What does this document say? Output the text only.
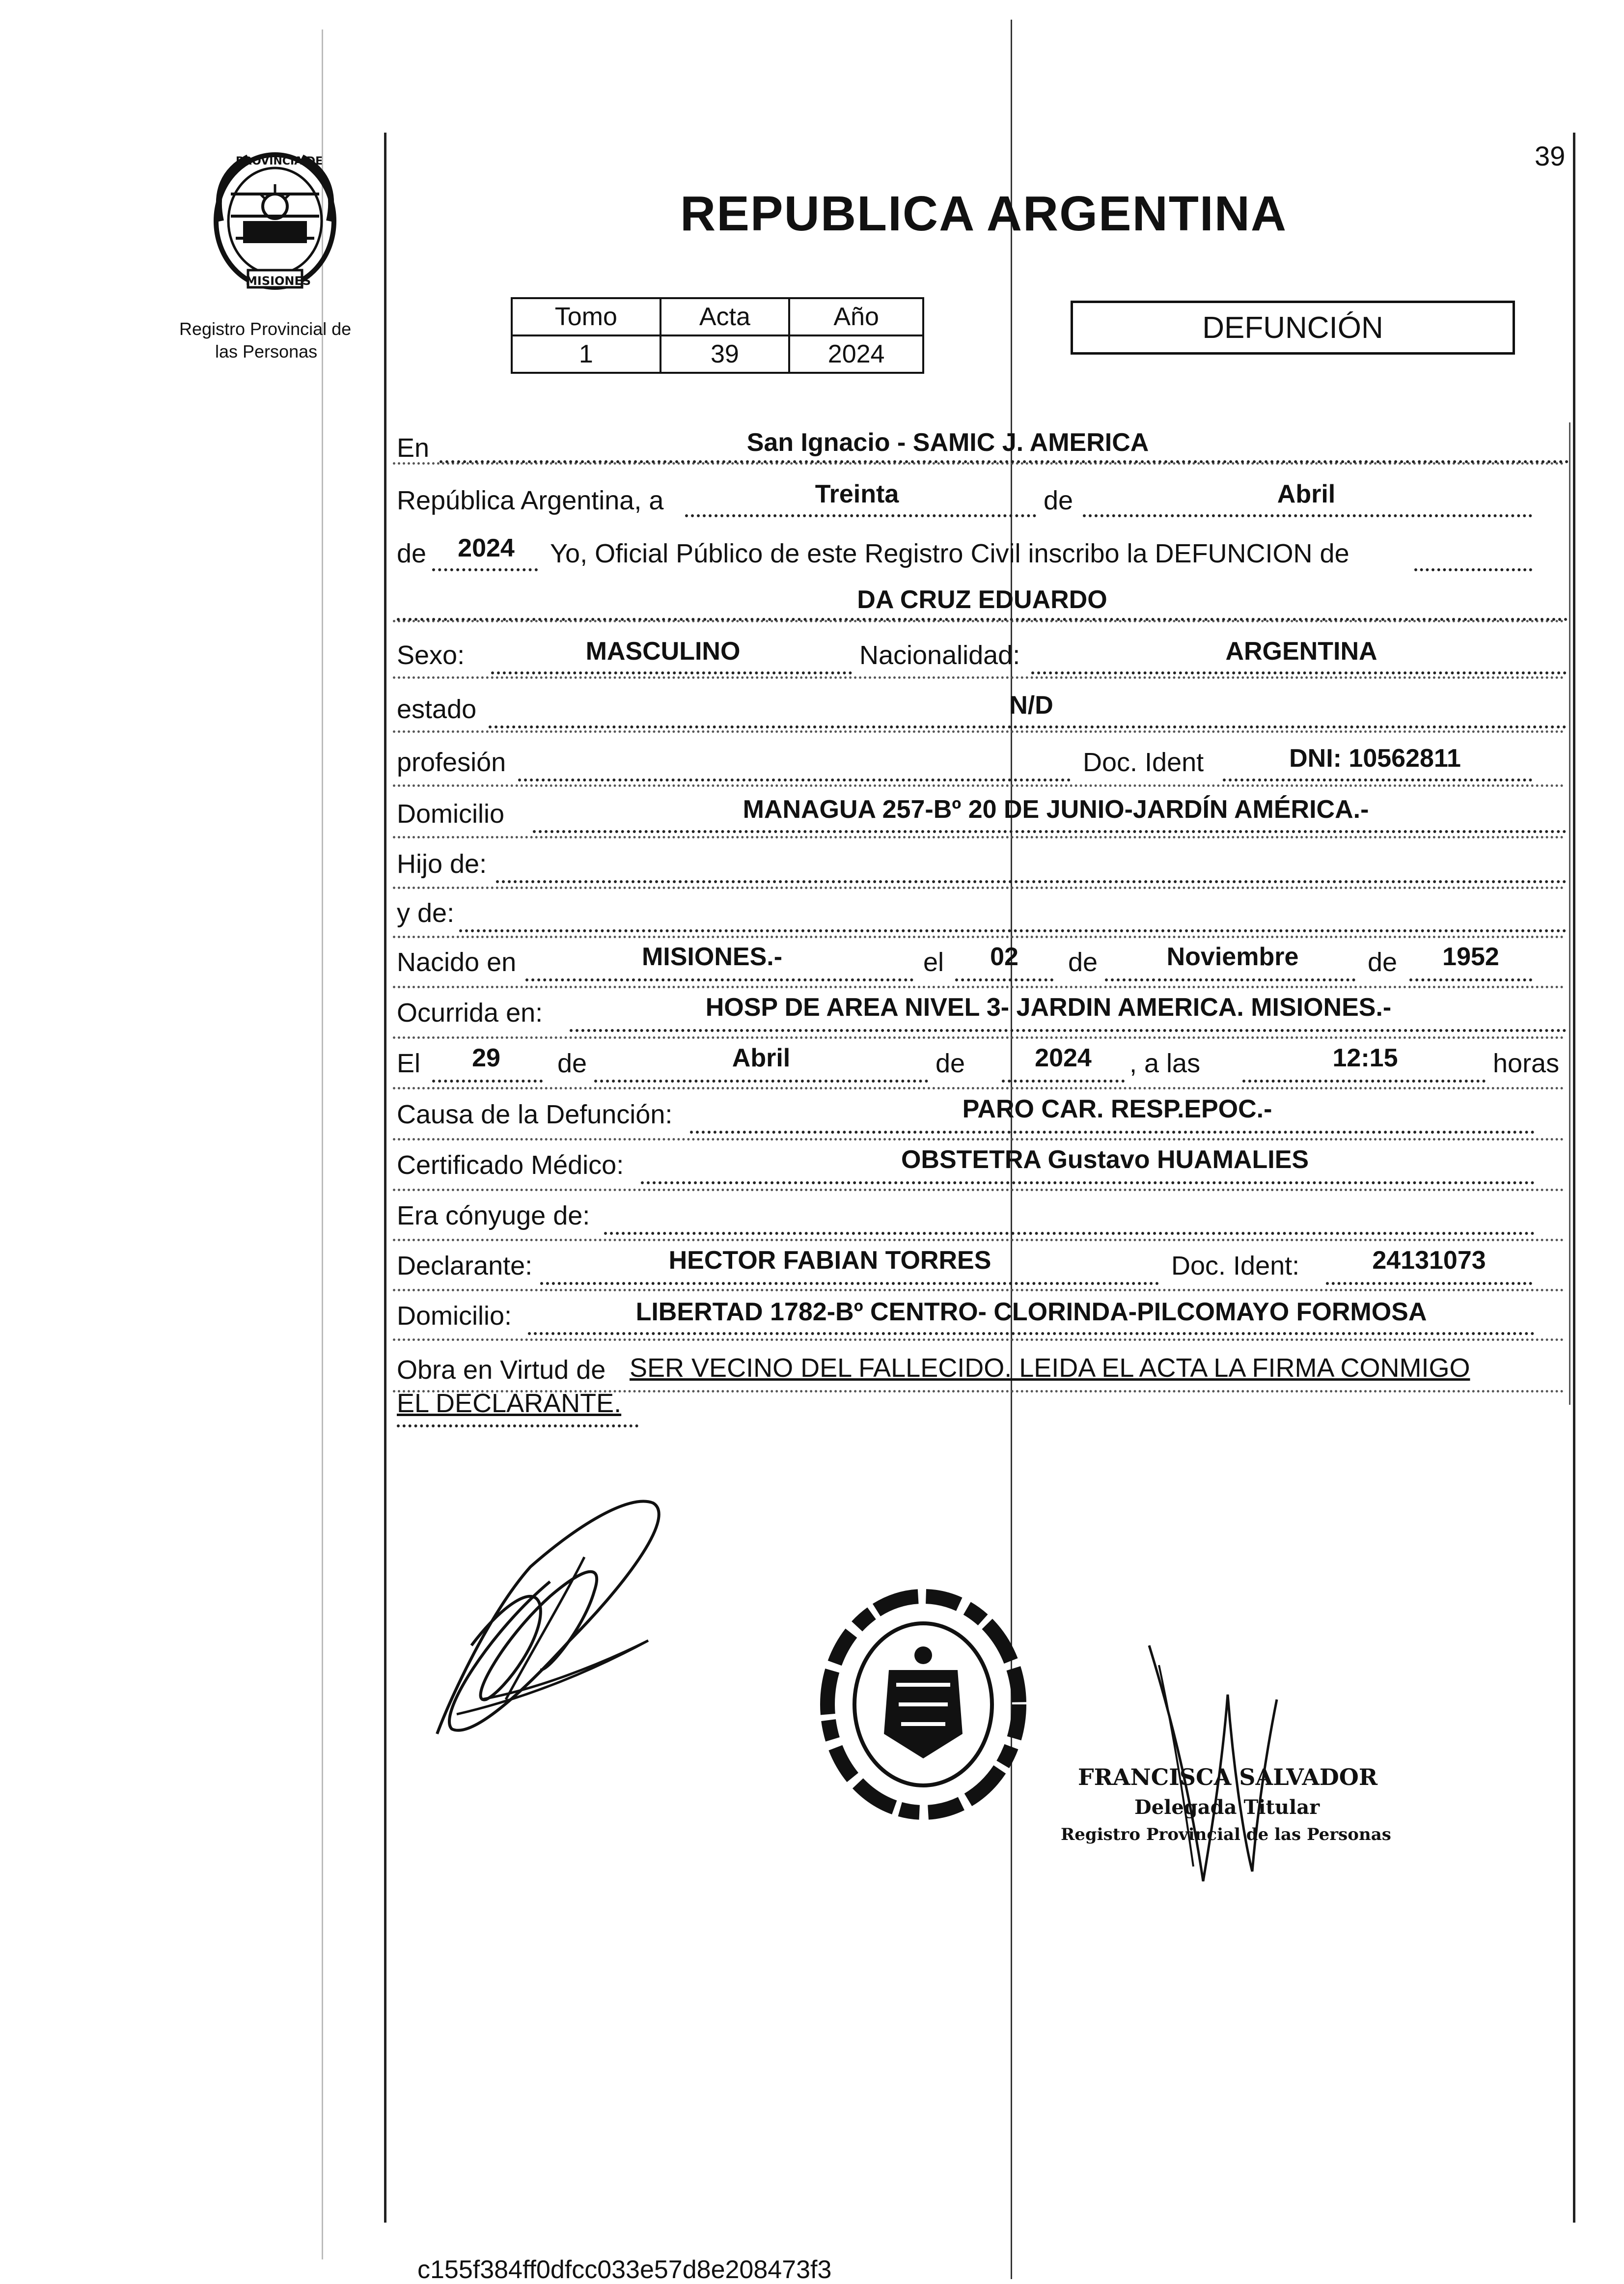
39
PROVINCIA DE
MISIONES
Registro Provincial de
las Personas
REPUBLICA ARGENTINA
Tomo	Acta	Año
1	39	2024
DEFUNCIÓN
En	San Ignacio - SAMIC J. AMERICA
República Argentina, a	Treinta	de	Abril
de	2024	Yo, Oficial Público de este Registro Civil inscribo la DEFUNCION de
DA CRUZ EDUARDO
Sexo:	MASCULINO	Nacionalidad:	ARGENTINA
estado	N/D
profesión	Doc. Ident	DNI: 10562811
Domicilio	MANAGUA 257-Bº 20 DE JUNIO-JARDÍN AMÉRICA.-
Hijo de:
y de:
Nacido en	MISIONES.-	el	02	de	Noviembre	de	1952
Ocurrida en:	HOSP DE AREA NIVEL 3- JARDIN AMERICA. MISIONES.-
El	29	de	Abril	de	2024	, a las	12:15	horas
Causa de la Defunción:	PARO CAR. RESP.EPOC.-
Certificado Médico:	OBSTETRA Gustavo HUAMALIES
Era cónyuge de:
Declarante:	HECTOR FABIAN TORRES	Doc. Ident:	24131073
Domicilio:	LIBERTAD 1782-Bº CENTRO- CLORINDA-PILCOMAYO FORMOSA
Obra en Virtud de SER VECINO DEL FALLECIDO. LEIDA EL ACTA LA FIRMA CONMIGO
EL DECLARANTE.
FRANCISCA SALVADOR
Delegada Titular
Registro Provincial de las Personas
c155f384ff0dfcc033e57d8e208473f3
